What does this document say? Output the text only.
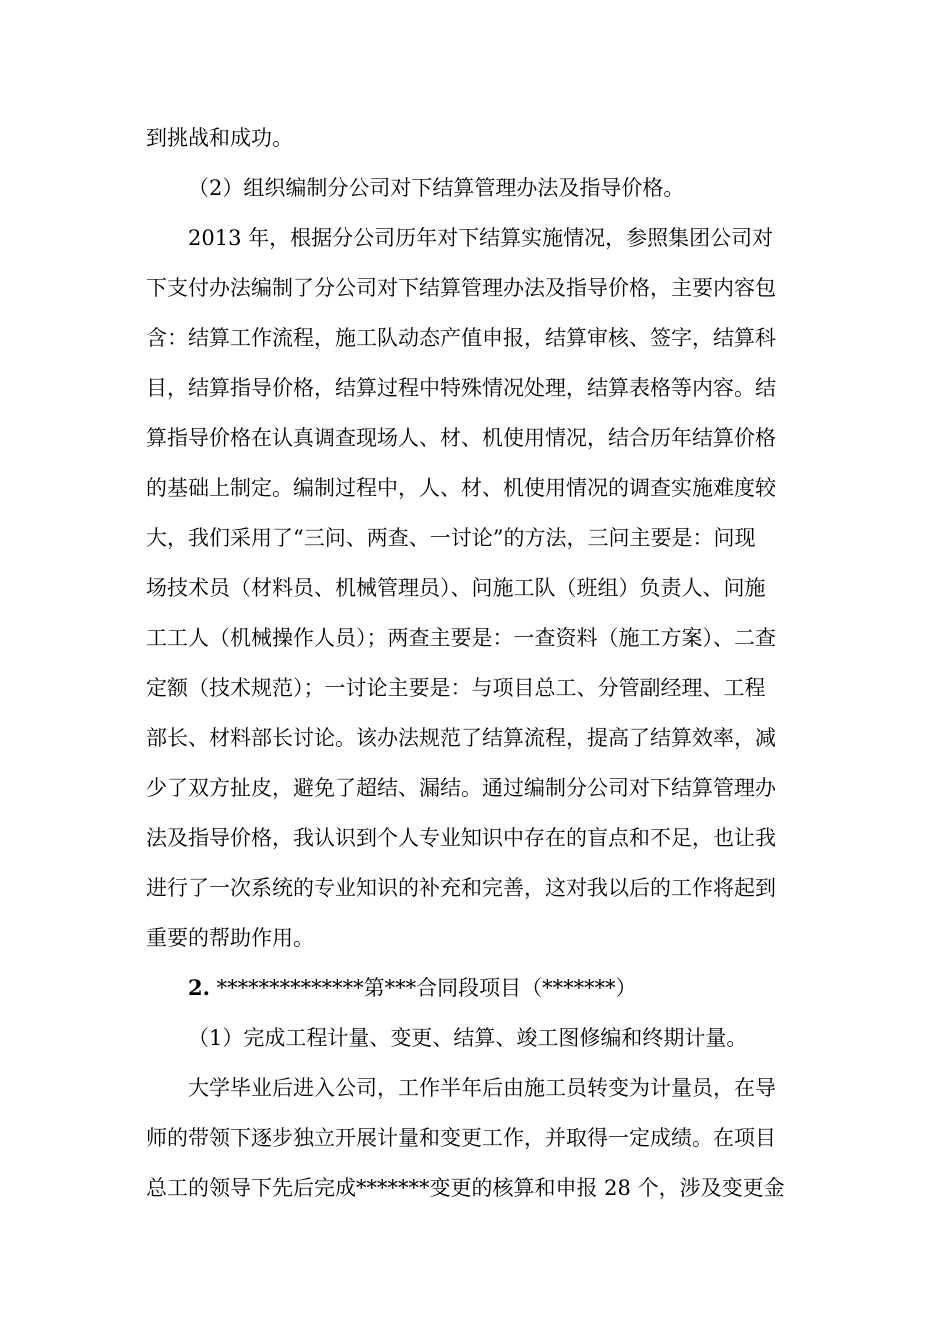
到挑战和成功。
（2）组织编制分公司对下结算管理办法及指导价格。
2013 年，根据分公司历年对下结算实施情况，参照集团公司对
下支付办法编制了分公司对下结算管理办法及指导价格，主要内容包
含：结算工作流程，施工队动态产值申报，结算审核、签字，结算科
目，结算指导价格，结算过程中特殊情况处理，结算表格等内容。结
算指导价格在认真调查现场人、材、机使用情况，结合历年结算价格
的基础上制定。编制过程中，人、材、机使用情况的调查实施难度较
大，我们采用了“三问、两查、一讨论”的方法，三问主要是：问现
场技术员（材料员、机械管理员）、问施工队（班组）负责人、问施
工工人（机械操作人员）；两查主要是：一查资料（施工方案）、二查
定额（技术规范）；一讨论主要是：与项目总工、分管副经理、工程
部长、材料部长讨论。该办法规范了结算流程，提高了结算效率，减
少了双方扯皮，避免了超结、漏结。通过编制分公司对下结算管理办
法及指导价格，我认识到个人专业知识中存在的盲点和不足，也让我
进行了一次系统的专业知识的补充和完善，这对我以后的工作将起到
重要的帮助作用。
2. **************第***合同段项目（*******）
（1）完成工程计量、变更、结算、竣工图修编和终期计量。
大学毕业后进入公司，工作半年后由施工员转变为计量员，在导
师的带领下逐步独立开展计量和变更工作，并取得一定成绩。在项目
总工的领导下先后完成*******变更的核算和申报 28 个，涉及变更金
